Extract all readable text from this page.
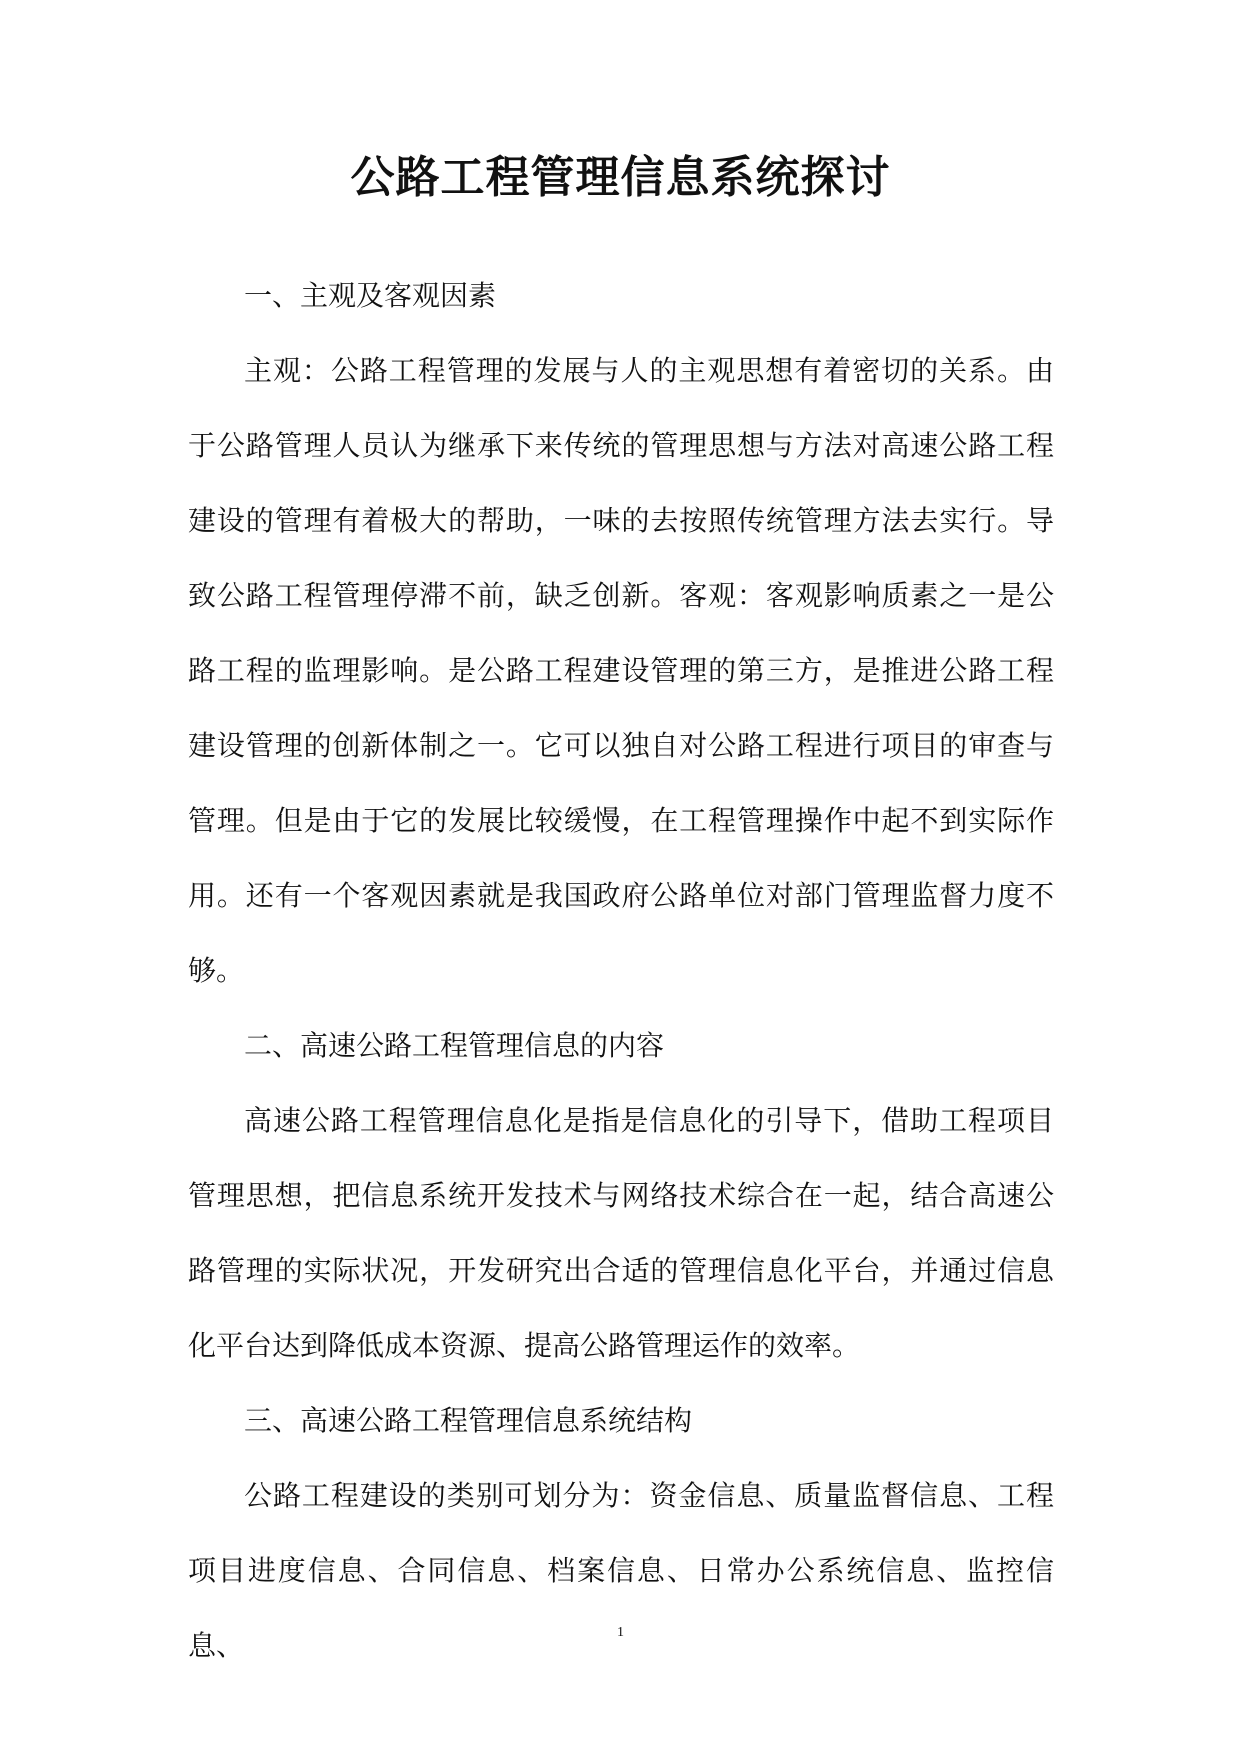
公路工程管理信息系统探讨

一、主观及客观因素

主观：公路工程管理的发展与人的主观思想有着密切的关系。由于公路管理人员认为继承下来传统的管理思想与方法对高速公路工程建设的管理有着极大的帮助，一味的去按照传统管理方法去实行。导致公路工程管理停滞不前，缺乏创新。客观：客观影响质素之一是公路工程的监理影响。是公路工程建设管理的第三方，是推进公路工程建设管理的创新体制之一。它可以独自对公路工程进行项目的审查与管理。但是由于它的发展比较缓慢，在工程管理操作中起不到实际作用。还有一个客观因素就是我国政府公路单位对部门管理监督力度不够。

二、高速公路工程管理信息的内容

高速公路工程管理信息化是指是信息化的引导下，借助工程项目管理思想，把信息系统开发技术与网络技术综合在一起，结合高速公路管理的实际状况，开发研究出合适的管理信息化平台，并通过信息化平台达到降低成本资源、提高公路管理运作的效率。

三、高速公路工程管理信息系统结构

公路工程建设的类别可划分为：资金信息、质量监督信息、工程项目进度信息、合同信息、档案信息、日常办公系统信息、监控信息、	1
